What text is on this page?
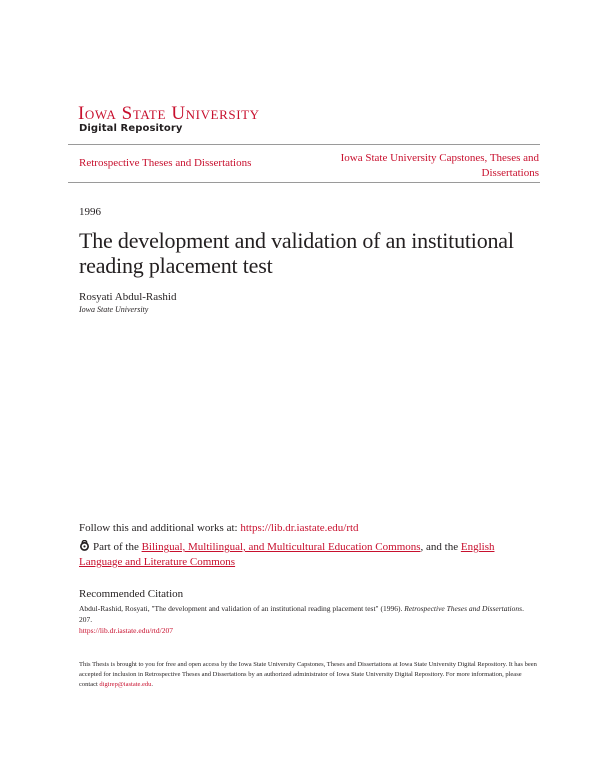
Iowa State University
Digital Repository
Retrospective Theses and Dissertations	Iowa State University Capstones, Theses and Dissertations
1996
The development and validation of an institutional reading placement test
Rosyati Abdul-Rashid
Iowa State University
Follow this and additional works at: https://lib.dr.iastate.edu/rtd
Part of the Bilingual, Multilingual, and Multicultural Education Commons, and the English Language and Literature Commons
Recommended Citation
Abdul-Rashid, Rosyati, "The development and validation of an institutional reading placement test" (1996). Retrospective Theses and Dissertations. 207.
https://lib.dr.iastate.edu/rtd/207
This Thesis is brought to you for free and open access by the Iowa State University Capstones, Theses and Dissertations at Iowa State University Digital Repository. It has been accepted for inclusion in Retrospective Theses and Dissertations by an authorized administrator of Iowa State University Digital Repository. For more information, please contact digirep@iastate.edu.
